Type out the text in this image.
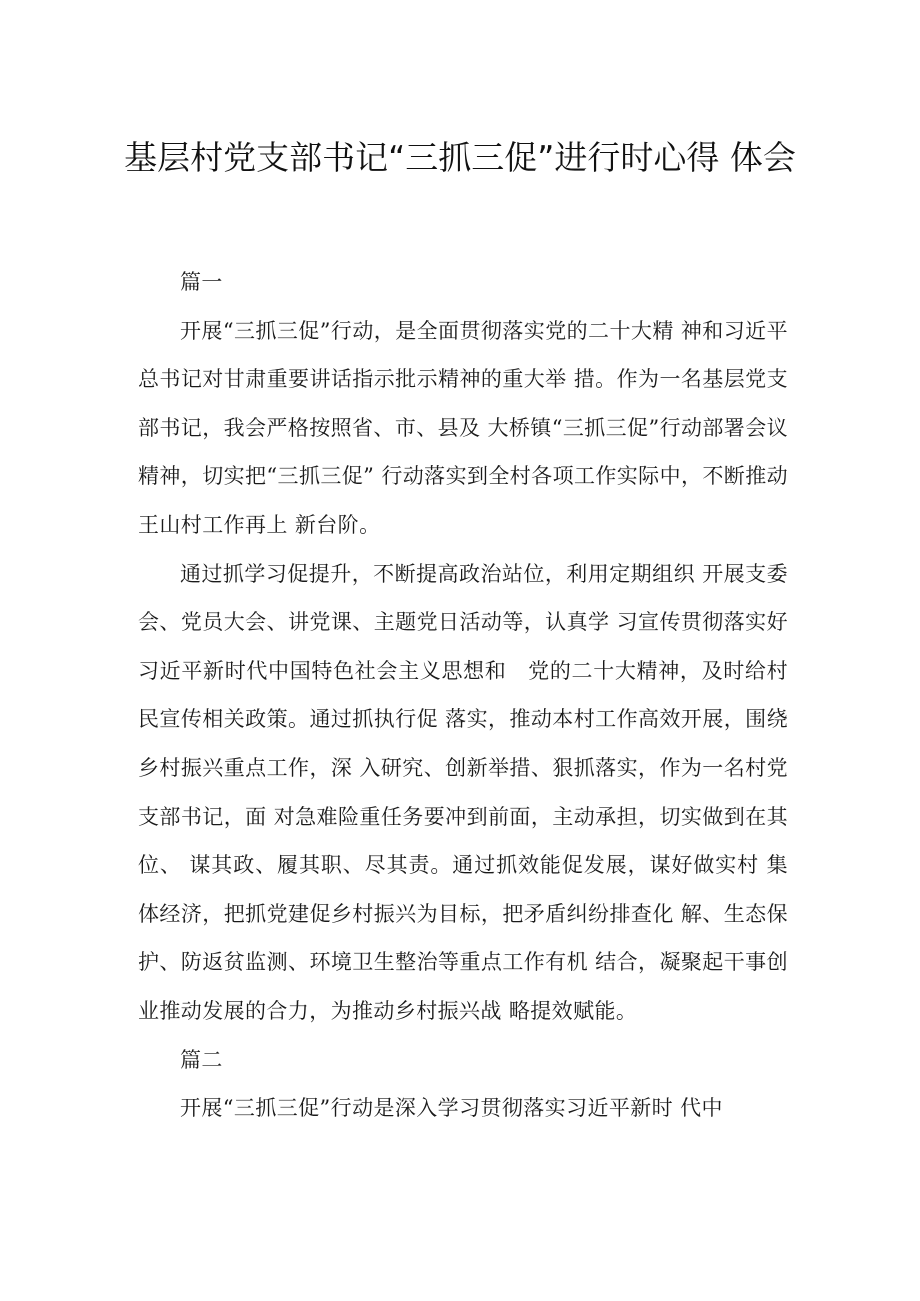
基层村党支部书记“三抓三促”进行时心得 体会

篇一

开展“三抓三促”行动，是全面贯彻落实党的二十大精 神和习近平总书记对甘肃重要讲话指示批示精神的重大举 措。作为一名基层党支部书记，我会严格按照省、市、县及 大桥镇“三抓三促”行动部署会议精神，切实把“三抓三促” 行动落实到全村各项工作实际中，不断推动王山村工作再上 新台阶。

通过抓学习促提升，不断提高政治站位，利用定期组织 开展支委会、党员大会、讲党课、主题党日活动等，认真学 习宣传贯彻落实好习近平新时代中国特色社会主义思想和　党的二十大精神，及时给村民宣传相关政策。通过抓执行促 落实，推动本村工作高效开展，围绕乡村振兴重点工作，深 入研究、创新举措、狠抓落实，作为一名村党支部书记，面 对急难险重任务要冲到前面，主动承担，切实做到在其位、 谋其政、履其职、尽其责。通过抓效能促发展，谋好做实村 集体经济，把抓党建促乡村振兴为目标，把矛盾纠纷排查化 解、生态保护、防返贫监测、环境卫生整治等重点工作有机 结合，凝聚起干事创业推动发展的合力，为推动乡村振兴战 略提效赋能。

篇二

开展“三抓三促”行动是深入学习贯彻落实习近平新时 代中
